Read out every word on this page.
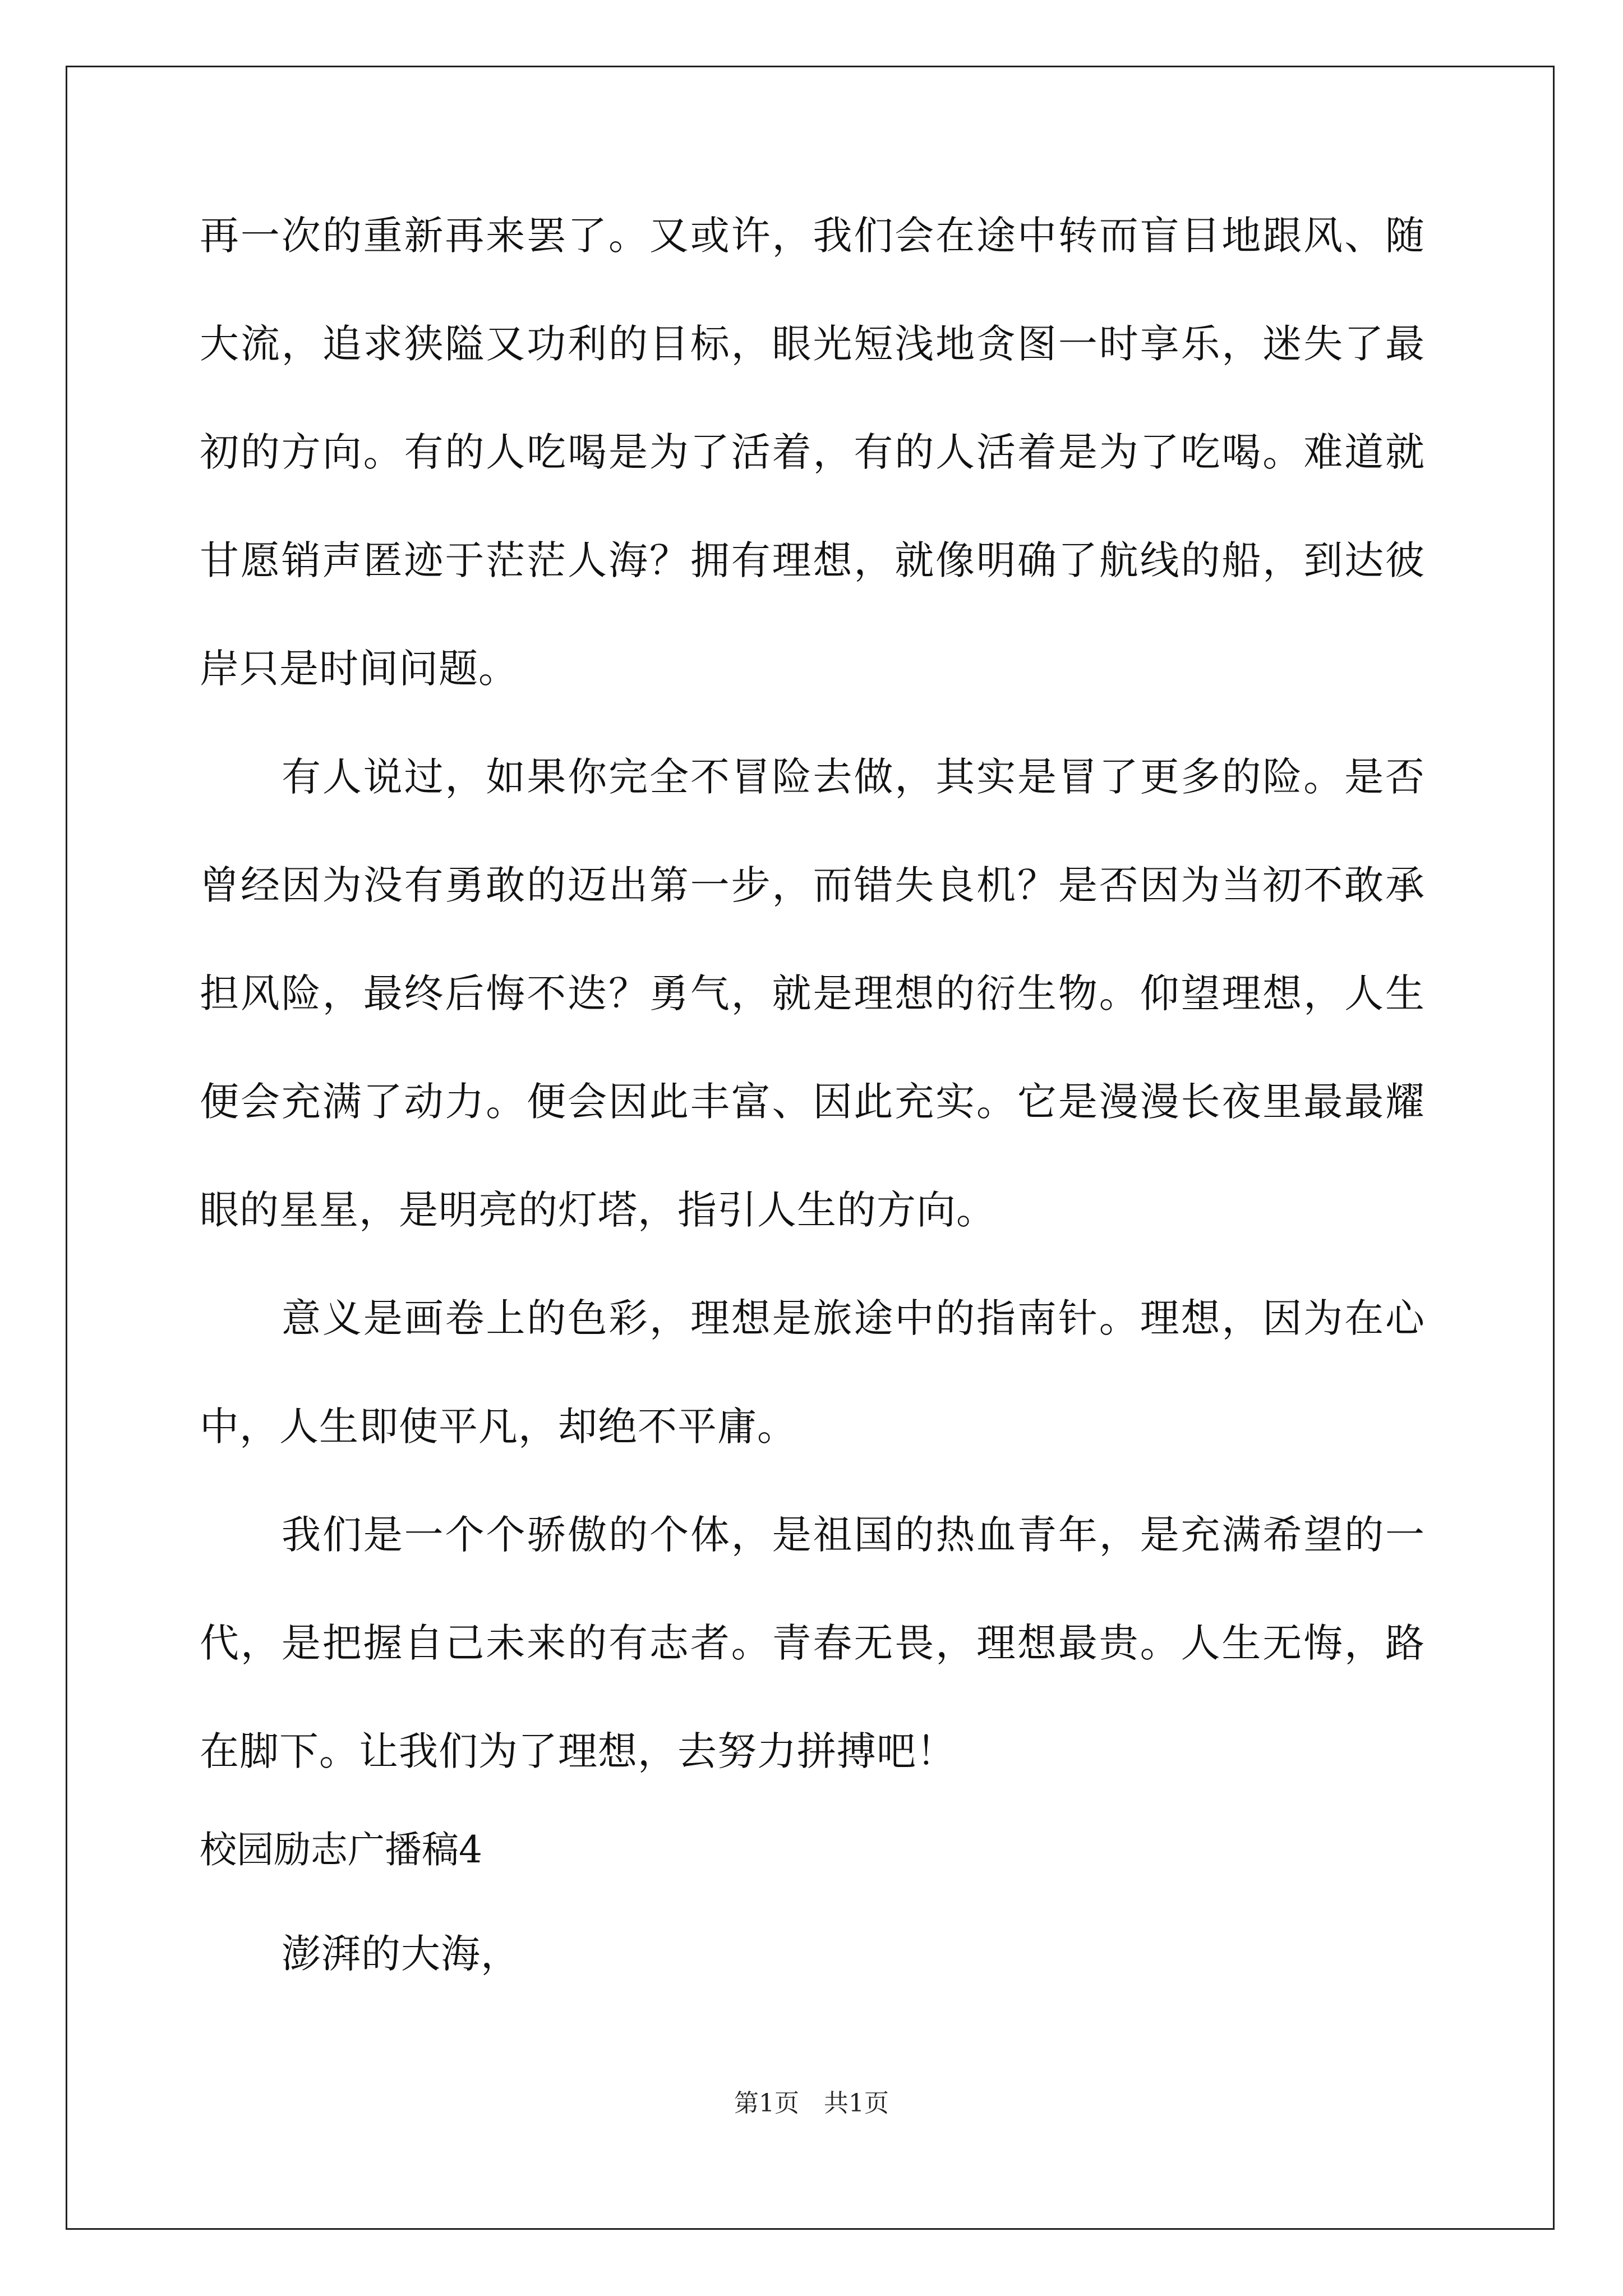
再一次的重新再来罢了。又或许，我们会在途中转而盲目地跟风、随
大流，追求狭隘又功利的目标，眼光短浅地贪图一时享乐，迷失了最
初的方向。有的人吃喝是为了活着，有的人活着是为了吃喝。难道就
甘愿销声匿迹于茫茫人海？拥有理想，就像明确了航线的船，到达彼
岸只是时间问题。
有人说过，如果你完全不冒险去做，其实是冒了更多的险。是否
曾经因为没有勇敢的迈出第一步，而错失良机？是否因为当初不敢承
担风险，最终后悔不迭？勇气，就是理想的衍生物。仰望理想，人生
便会充满了动力。便会因此丰富、因此充实。它是漫漫长夜里最最耀
眼的星星，是明亮的灯塔，指引人生的方向。
意义是画卷上的色彩，理想是旅途中的指南针。理想，因为在心
中，人生即使平凡，却绝不平庸。
我们是一个个骄傲的个体，是祖国的热血青年，是充满希望的一
代，是把握自己未来的有志者。青春无畏，理想最贵。人生无悔，路
在脚下。让我们为了理想，去努力拼搏吧！
校园励志广播稿4
澎湃的大海，
第1页　共1页
